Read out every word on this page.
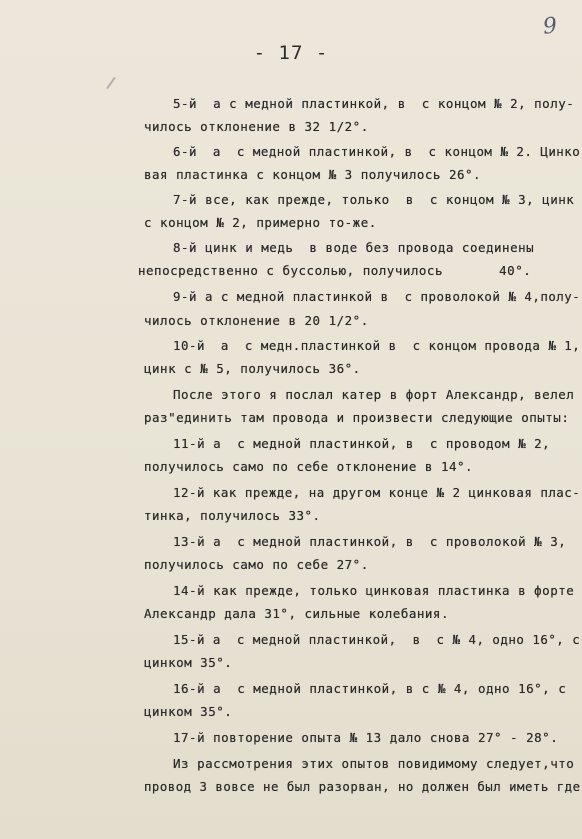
- 17 -
9
5-й  а с медной пластинкой, в  с концом № 2, полу-
чилось отклонение в 32 1/2°.
6-й  а  с медной пластинкой, в  с концом № 2. Цинко
вая пластинка с концом № 3 получилось 26°.
7-й все, как прежде, только  в  с концом № 3, цинк
с концом № 2, примерно то-же.
8-й цинк и медь  в воде без провода соединены
непосредственно с буссолью, получилось       40°.
9-й а с медной пластинкой в  с проволокой № 4,полу-
чилось отклонение в 20 1/2°.
10-й  а  с медн.пластинкой в  с концом провода № 1,
цинк с № 5, получилось 36°.
После этого я послал катер в форт Александр, велел
раз"единить там провода и произвести следующие опыты:
11-й а  с медной пластинкой, в  с проводом № 2,
получилось само по себе отклонение в 14°.
12-й как прежде, на другом конце № 2 цинковая плас-
тинка, получилось 33°.
13-й а  с медной пластинкой, в  с проволокой № 3,
получилось само по себе 27°.
14-й как прежде, только цинковая пластинка в форте
Александр дала 31°, сильные колебания.
15-й а  с медной пластинкой,  в  с № 4, одно 16°, с
цинком 35°.
16-й а  с медной пластинкой, в с № 4, одно 16°, с
цинком 35°.
17-й повторение опыта № 13 дало снова 27° - 28°.
Из рассмотрения этих опытов повидимому следует,что
провод 3 вовсе не был разорван, но должен был иметь где
